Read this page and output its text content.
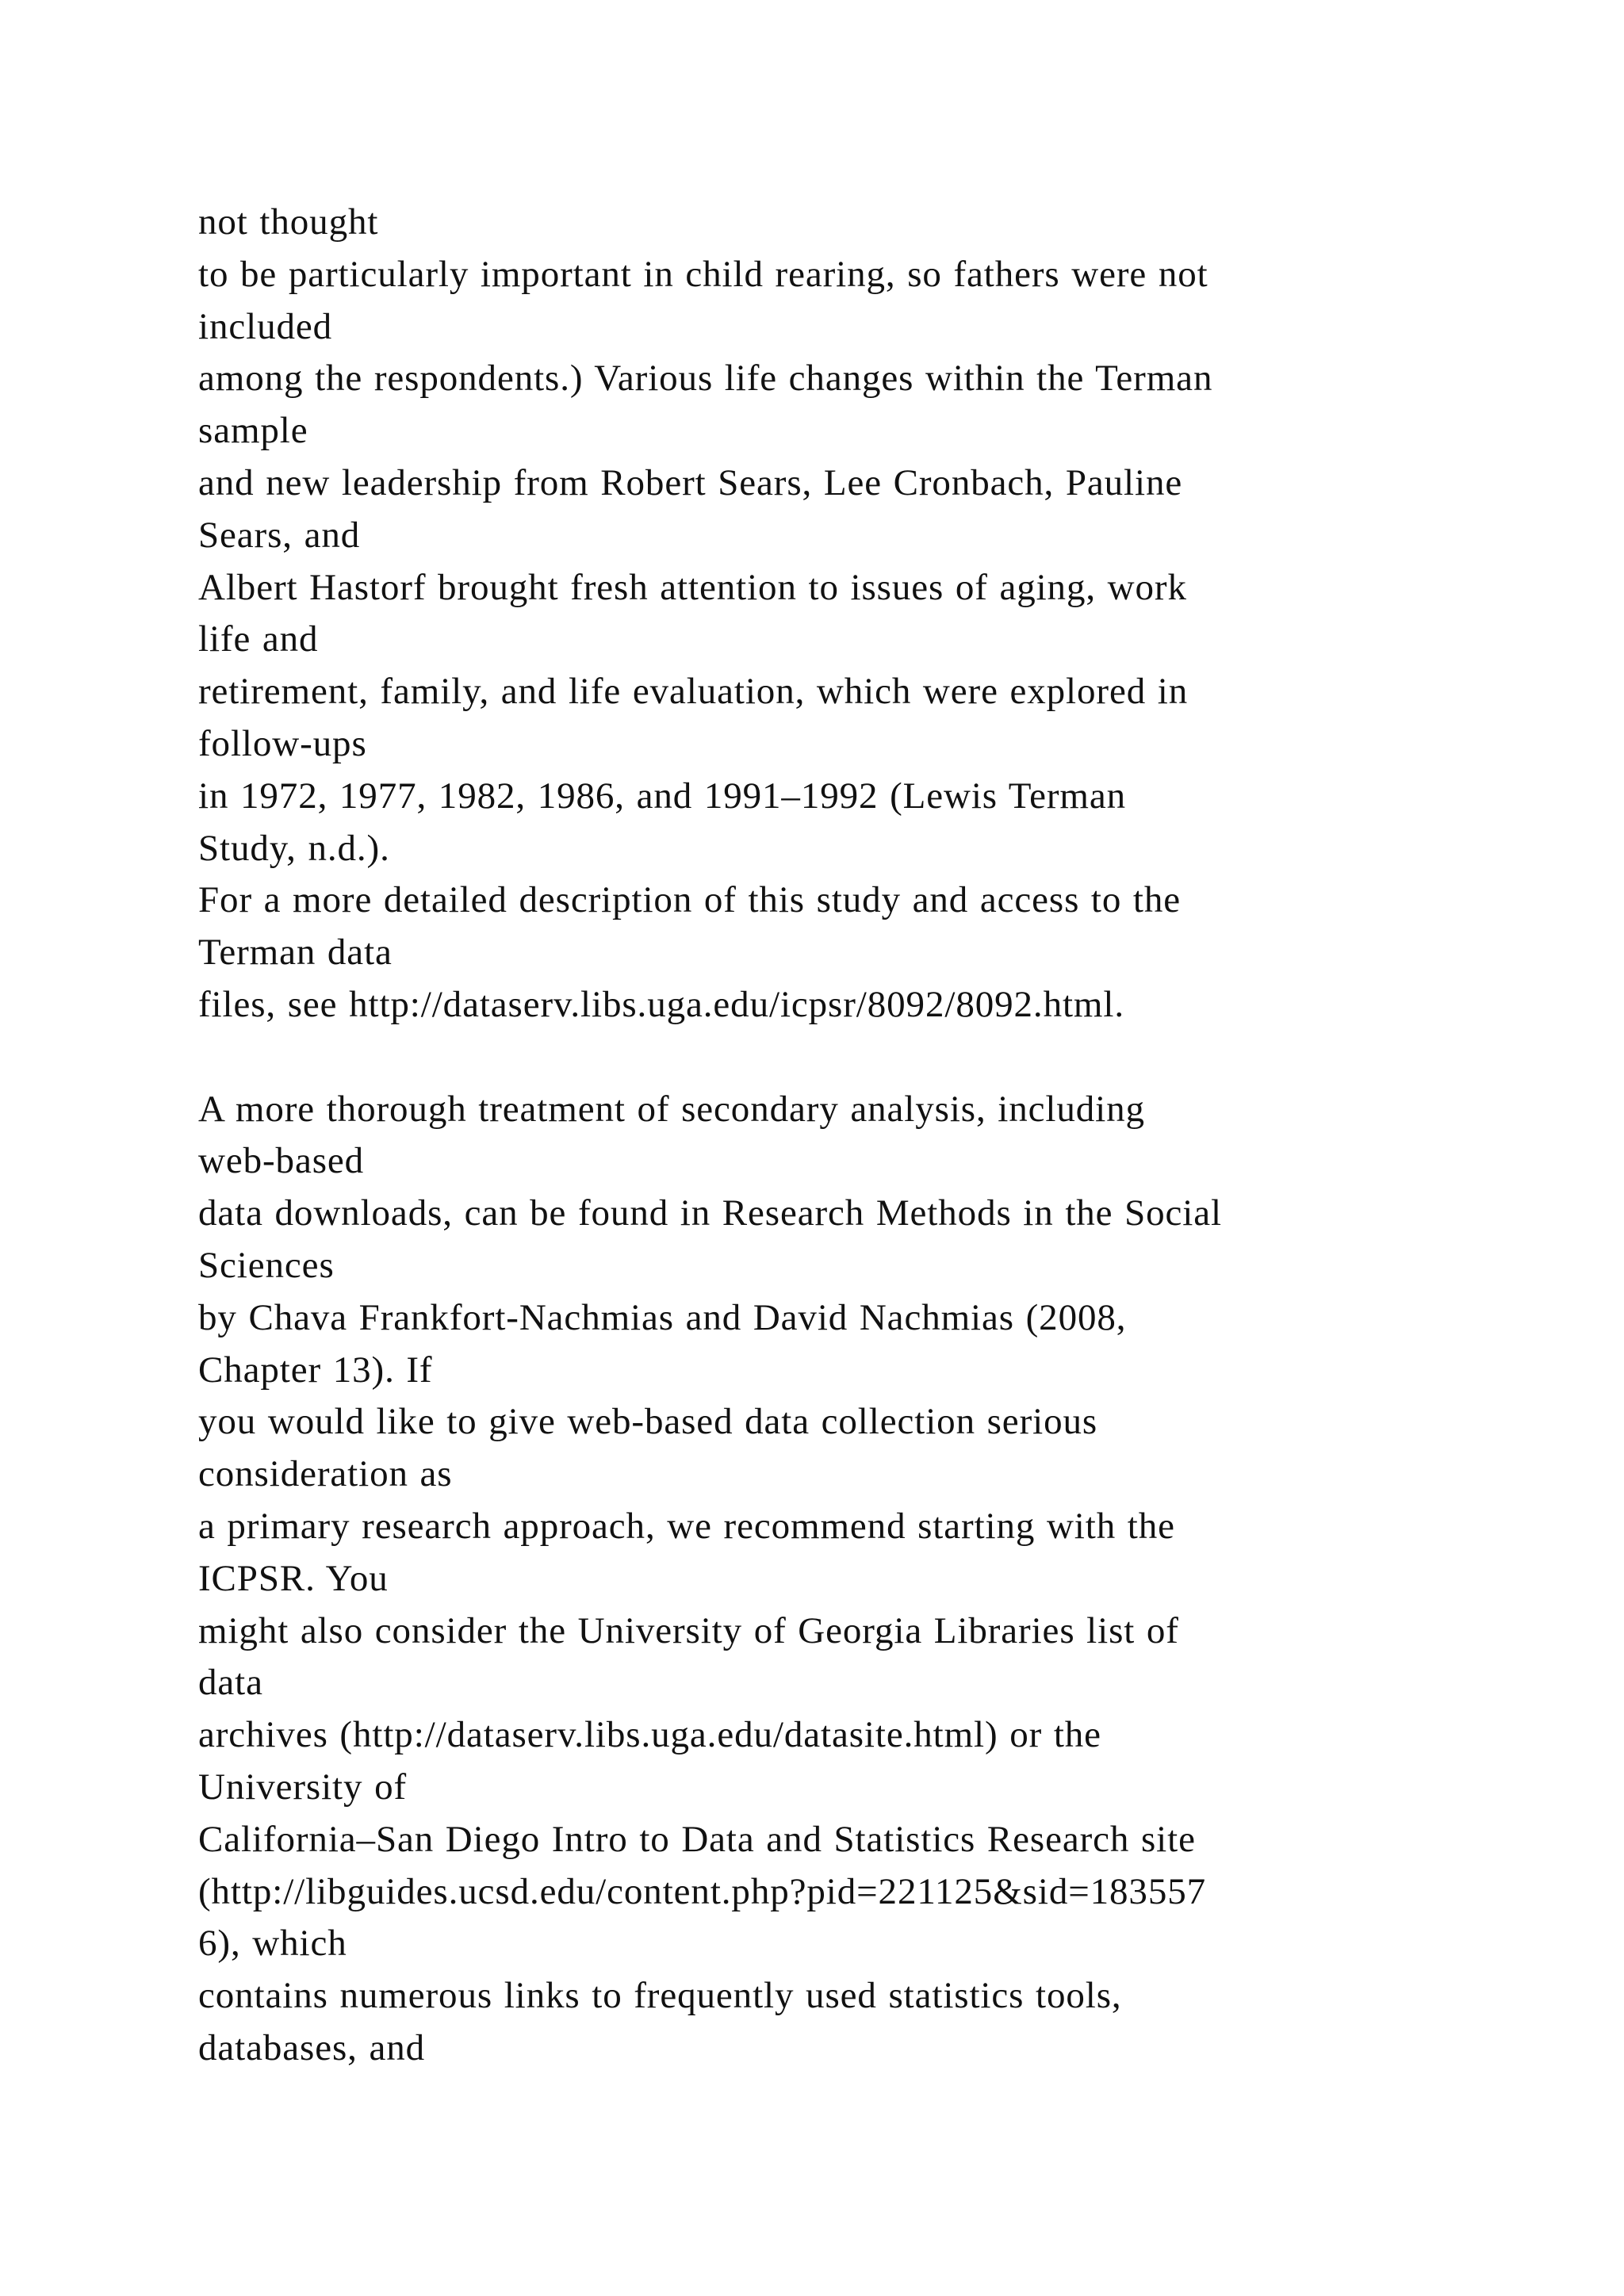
not thought
to be particularly important in child rearing, so fathers were not
included
among the respondents.) Various life changes within the Terman
sample
and new leadership from Robert Sears, Lee Cronbach, Pauline
Sears, and
Albert Hastorf brought fresh attention to issues of aging, work
life and
retirement, family, and life evaluation, which were explored in
follow-ups
in 1972, 1977, 1982, 1986, and 1991–1992 (Lewis Terman
Study, n.d.).
For a more detailed description of this study and access to the
Terman data
files, see http://dataserv.libs.uga.edu/icpsr/8092/8092.html.
A more thorough treatment of secondary analysis, including
web-based
data downloads, can be found in Research Methods in the Social
Sciences
by Chava Frankfort-Nachmias and David Nachmias (2008,
Chapter 13). If
you would like to give web-based data collection serious
consideration as
a primary research approach, we recommend starting with the
ICPSR. You
might also consider the University of Georgia Libraries list of
data
archives (http://dataserv.libs.uga.edu/datasite.html) or the
University of
California–San Diego Intro to Data and Statistics Research site
(http://libguides.ucsd.edu/content.php?pid=221125&sid=183557
6), which
contains numerous links to frequently used statistics tools,
databases, and
